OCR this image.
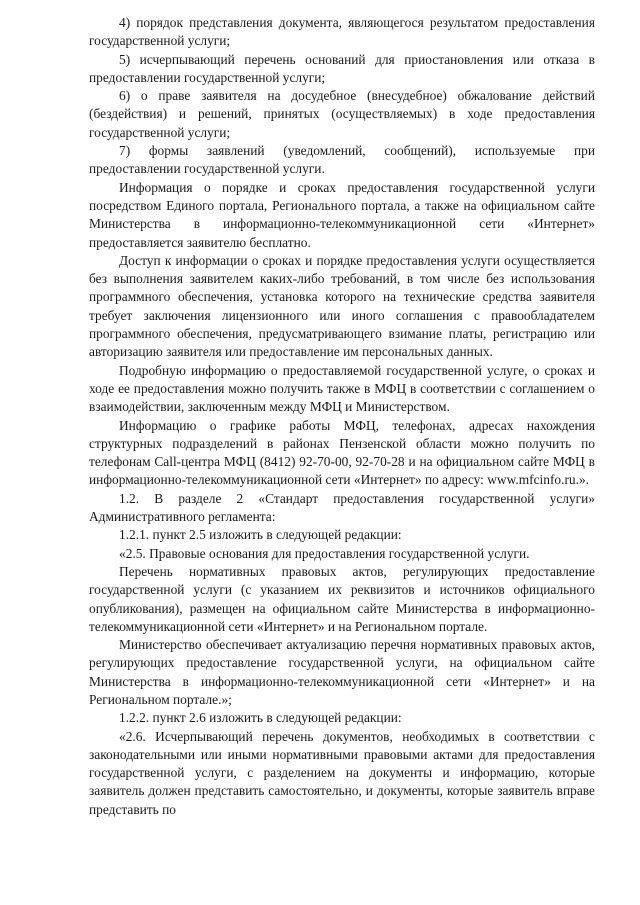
4) порядок представления документа, являющегося результатом предоставления государственной услуги;

5) исчерпывающий перечень оснований для приостановления или отказа в предоставлении государственной услуги;

6) о праве заявителя на досудебное (внесудебное) обжалование действий (бездействия) и решений, принятых (осуществляемых) в ходе предоставления государственной услуги;

7) формы заявлений (уведомлений, сообщений), используемые при предоставлении государственной услуги.

Информация о порядке и сроках предоставления государственной услуги посредством Единого портала, Регионального портала, а также на официальном сайте Министерства в информационно-телекоммуникационной сети «Интернет» предоставляется заявителю бесплатно.

Доступ к информации о сроках и порядке предоставления услуги осуществляется без выполнения заявителем каких-либо требований, в том числе без использования программного обеспечения, установка которого на технические средства заявителя требует заключения лицензионного или иного соглашения с правообладателем программного обеспечения, предусматривающего взимание платы, регистрацию или авторизацию заявителя или предоставление им персональных данных.

Подробную информацию о предоставляемой государственной услуге, о сроках и ходе ее предоставления можно получить также в МФЦ в соответствии с соглашением о взаимодействии, заключенным между МФЦ и Министерством.

Информацию о графике работы МФЦ, телефонах, адресах нахождения структурных подразделений в районах Пензенской области можно получить по телефонам Call-центра МФЦ (8412) 92-70-00, 92-70-28 и на официальном сайте МФЦ в информационно-телекоммуникационной сети «Интернет» по адресу: www.mfcinfo.ru.».

1.2. В разделе 2 «Стандарт предоставления государственной услуги» Административного регламента:

1.2.1. пункт 2.5 изложить в следующей редакции:

«2.5. Правовые основания для предоставления государственной услуги.

Перечень нормативных правовых актов, регулирующих предоставление государственной услуги (с указанием их реквизитов и источников официального опубликования), размещен на официальном сайте Министерства в информационно-телекоммуникационной сети «Интернет» и на Региональном портале.

Министерство обеспечивает актуализацию перечня нормативных правовых актов, регулирующих предоставление государственной услуги, на официальном сайте Министерства в информационно-телекоммуникационной сети «Интернет» и на Региональном портале.»;

1.2.2. пункт 2.6 изложить в следующей редакции:

«2.6. Исчерпывающий перечень документов, необходимых в соответствии с законодательными или иными нормативными правовыми актами для предоставления государственной услуги, с разделением на документы и информацию, которые заявитель должен представить самостоятельно, и документы, которые заявитель вправе представить по
